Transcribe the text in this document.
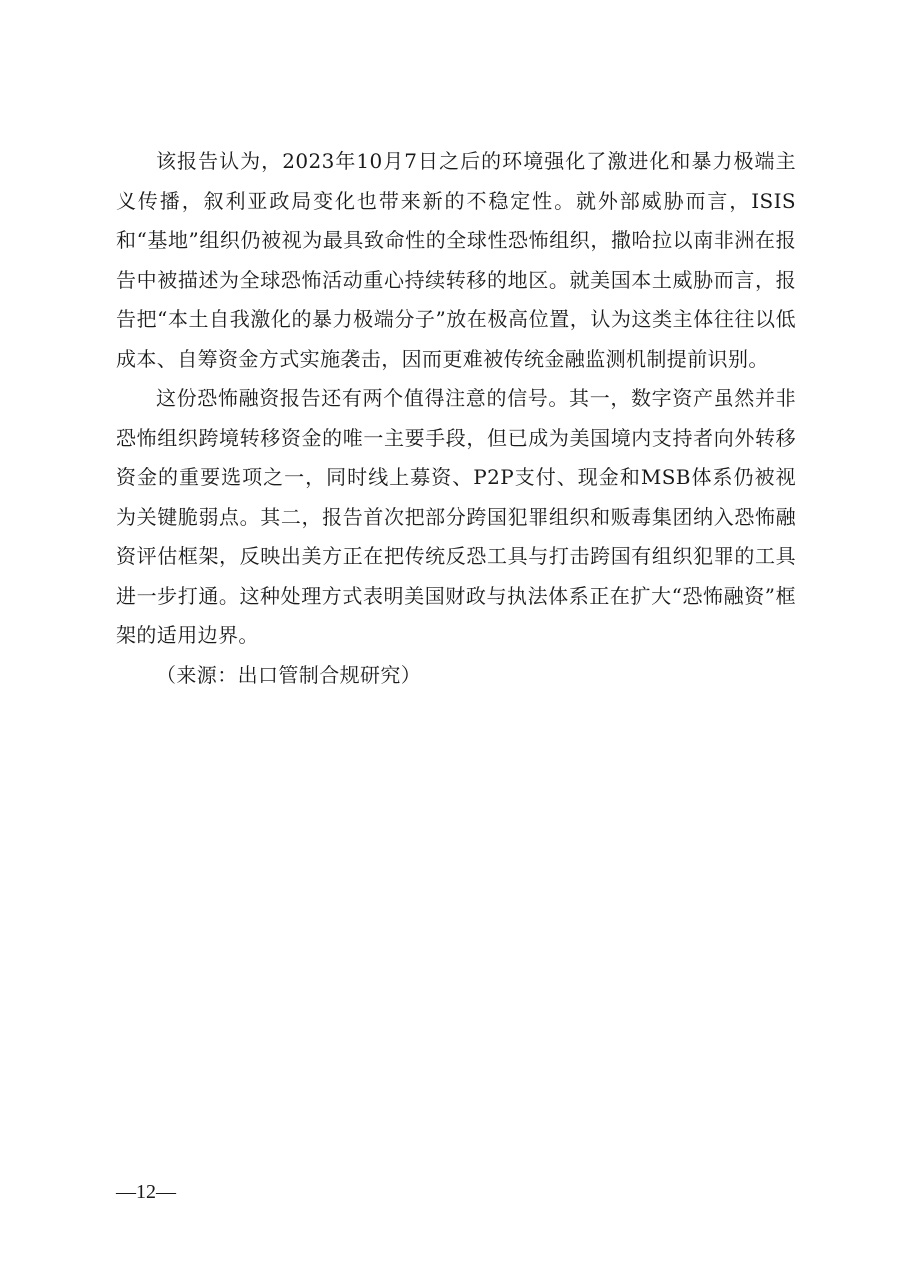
该报告认为，2023年10月7日之后的环境强化了激进化和暴力极端主义传播，叙利亚政局变化也带来新的不稳定性。就外部威胁而言，ISIS和“基地”组织仍被视为最具致命性的全球性恐怖组织，撒哈拉以南非洲在报告中被描述为全球恐怖活动重心持续转移的地区。就美国本土威胁而言，报告把“本土自我激化的暴力极端分子”放在极高位置，认为这类主体往往以低成本、自筹资金方式实施袭击，因而更难被传统金融监测机制提前识别。

这份恐怖融资报告还有两个值得注意的信号。其一，数字资产虽然并非恐怖组织跨境转移资金的唯一主要手段，但已成为美国境内支持者向外转移资金的重要选项之一，同时线上募资、P2P支付、现金和MSB体系仍被视为关键脆弱点。其二，报告首次把部分跨国犯罪组织和贩毒集团纳入恐怖融资评估框架，反映出美方正在把传统反恐工具与打击跨国有组织犯罪的工具进一步打通。这种处理方式表明美国财政与执法体系正在扩大“恐怖融资”框架的适用边界。

（来源：出口管制合规研究）

—12—
